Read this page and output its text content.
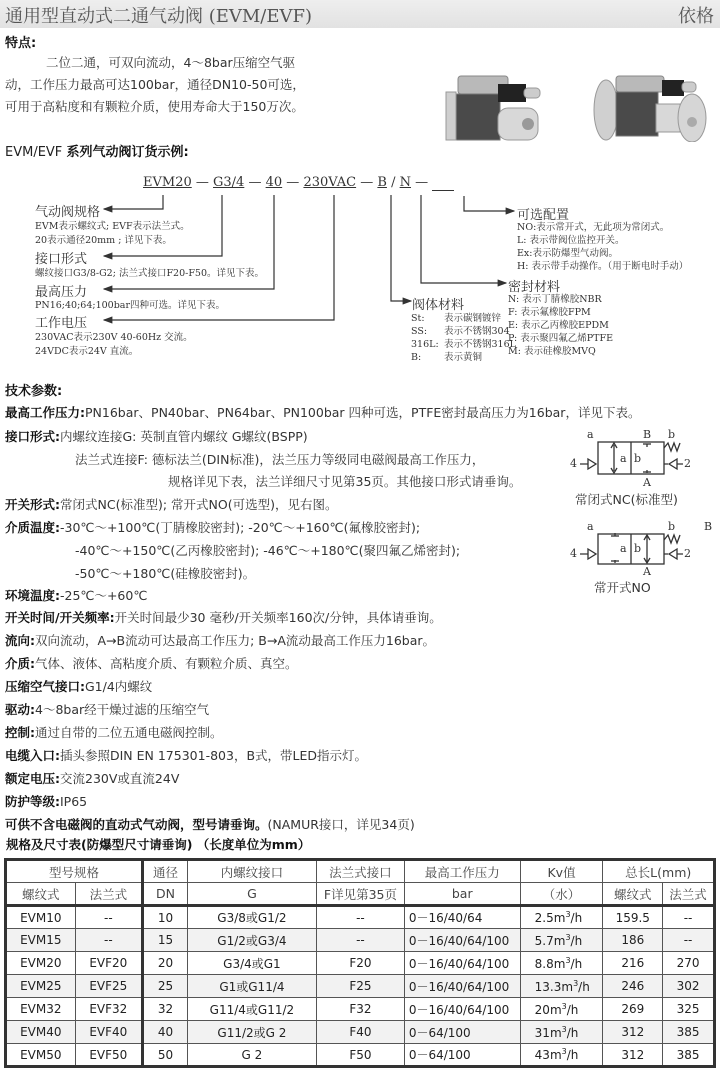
通用型直动式二通气动阀 (EVM/EVF)	依格
特点:
二位二通，可双向流动，4～8bar压缩空气驱
动，工作压力最高可达100bar，通径DN10-50可选，
可用于高粘度和有颗粒介质，使用寿命大于150万次。
EVM/EVF 系列气动阀订货示例:
EVM20 — G3/4 — 40 — 230VAC — B / N —
气动阀规格
EVM表示螺纹式; EVF表示法兰式。
20表示通径20mm ; 详见下表。
接口形式
螺纹接口G3/8-G2; 法兰式接口F20-F50。详见下表。
最高压力
PN16;40;64;100bar四种可选。详见下表。
工作电压
230VAC表示230V 40-60Hz 交流。
24VDC表示24V 直流。
阀体材料
St: 表示碳钢镀锌
SS: 表示不锈钢304
316L: 表示不锈钢316L
B: 表示黄铜
密封材料
N: 表示丁腈橡胶NBR
F: 表示氟橡胶FPM
E: 表示乙丙橡胶EPDM
P: 表示聚四氟乙烯PTFE
M: 表示硅橡胶MVQ
可选配置
NO:表示常开式，无此项为常闭式。
L: 表示带阀位监控开关。
Ex:表示防爆型气动阀。
H: 表示带手动操作。（用于断电时手动）
技术参数:
最高工作压力:PN16bar、PN40bar、PN64bar、PN100bar 四种可选，PTFE密封最高压力为16bar，详见下表。
接口形式:内螺纹连接G: 英制直管内螺纹 G螺纹(BSPP)
法兰式连接F: 德标法兰(DIN标准)，法兰压力等级同电磁阀最高工作压力，
规格详见下表，法兰详细尺寸见第35页。其他接口形式请垂询。
开关形式:常闭式NC(标准型); 常开式NO(可选型)，见右图。
介质温度:-30℃～+100℃(丁腈橡胶密封); -20℃～+160℃(氟橡胶密封);
-40℃～+150℃(乙丙橡胶密封); -46℃～+180℃(聚四氟乙烯密封);
-50℃～+180℃(硅橡胶密封)。
环境温度:-25℃～+60℃
开关时间/开关频率:开关时间最少30 毫秒/开关频率160次/分钟，具体请垂询。
流向:双向流动，A→B流动可达最高工作压力; B→A流动最高工作压力16bar。
介质:气体、液体、高粘度介质、有颗粒介质、真空。
压缩空气接口:G1/4内螺纹
驱动:4～8bar经干燥过滤的压缩空气
控制:通过自带的二位五通电磁阀控制。
电缆入口:插头参照DIN EN 175301-803，B式，带LED指示灯。
额定电压:交流230V或直流24V
防护等级:IP65
可供不含电磁阀的直动式气动阀，型号请垂询。(NAMUR接口，详见34页)
a	B b
a b
4	2
A
常闭式NC(标准型)
a	b	B
a b
4	2
A
常开式NO
规格及尺寸表(防爆型尺寸请垂询) （长度单位为mm）
型号规格		通径	内螺纹接口	法兰式接口	最高工作压力	Kv值	总长L(mm)	
螺纹式	法兰式	DN	G	F详见第35页	bar	（水）	螺纹式	法兰式
EVM10	--	10	G3/8或G1/2	--	0－16/40/64	$2.5m^3/h$	159.5	--
EVM15	--	15	G1/2或G3/4	--	0－16/40/64/100	$5.7m^3/h$	186	--
EVM20	EVF20	20	G3/4或G1	F20	0－16/40/64/100	$8.8m^3/h$	216	270
EVM25	EVF25	25	G1或G11/4	F25	0－16/40/64/100	$13.3m^3/h$	246	302
EVM32	EVF32	32	G11/4或G11/2	F32	0－16/40/64/100	$20m^3/h$	269	325
EVM40	EVF40	40	G11/2或G 2	F40	0－64/100	$31m^3/h$	312	385
EVM50	EVF50	50	G 2	F50	0－64/100	$43m^3/h$	312	385
